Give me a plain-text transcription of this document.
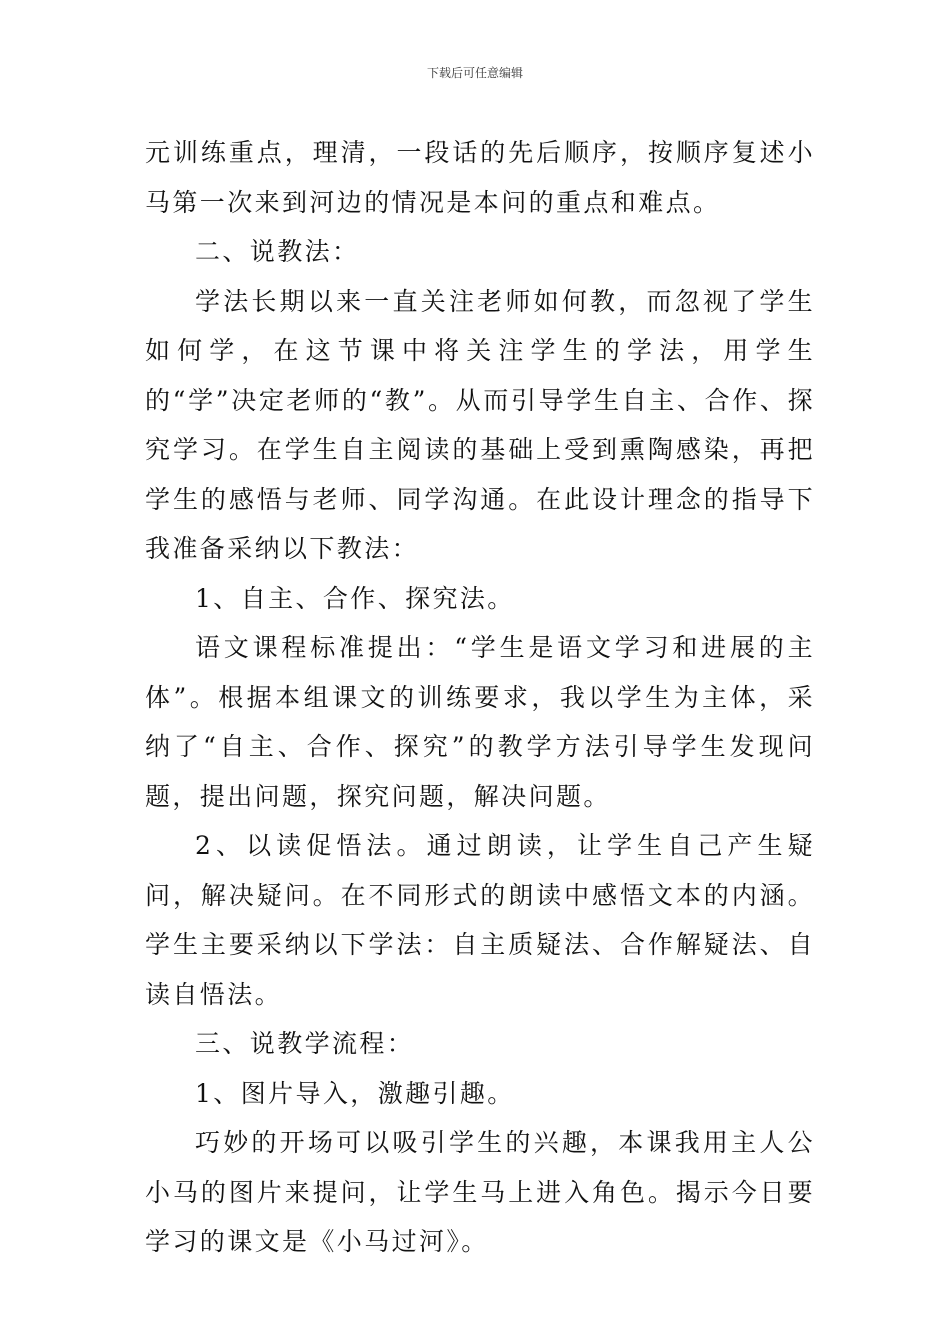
下载后可任意编辑

元训练重点，理清，一段话的先后顺序，按顺序复述小马第一次来到河边的情况是本问的重点和难点。

二、说教法：

学法长期以来一直关注老师如何教，而忽视了学生如何学，在这节课中将关注学生的学法，用学生的“学”决定老师的“教”。从而引导学生自主、合作、探究学习。在学生自主阅读的基础上受到熏陶感染，再把学生的感悟与老师、同学沟通。在此设计理念的指导下我准备采纳以下教法：

1、自主、合作、探究法。

语文课程标准提出：“学生是语文学习和进展的主体”。根据本组课文的训练要求，我以学生为主体，采纳了“自主、合作、探究”的教学方法引导学生发现问题，提出问题，探究问题，解决问题。

2、以读促悟法。通过朗读，让学生自己产生疑问，解决疑问。在不同形式的朗读中感悟文本的内涵。学生主要采纳以下学法：自主质疑法、合作解疑法、自读自悟法。

三、说教学流程：

1、图片导入，激趣引趣。

巧妙的开场可以吸引学生的兴趣，本课我用主人公小马的图片来提问，让学生马上进入角色。揭示今日要学习的课文是《小马过河》。
